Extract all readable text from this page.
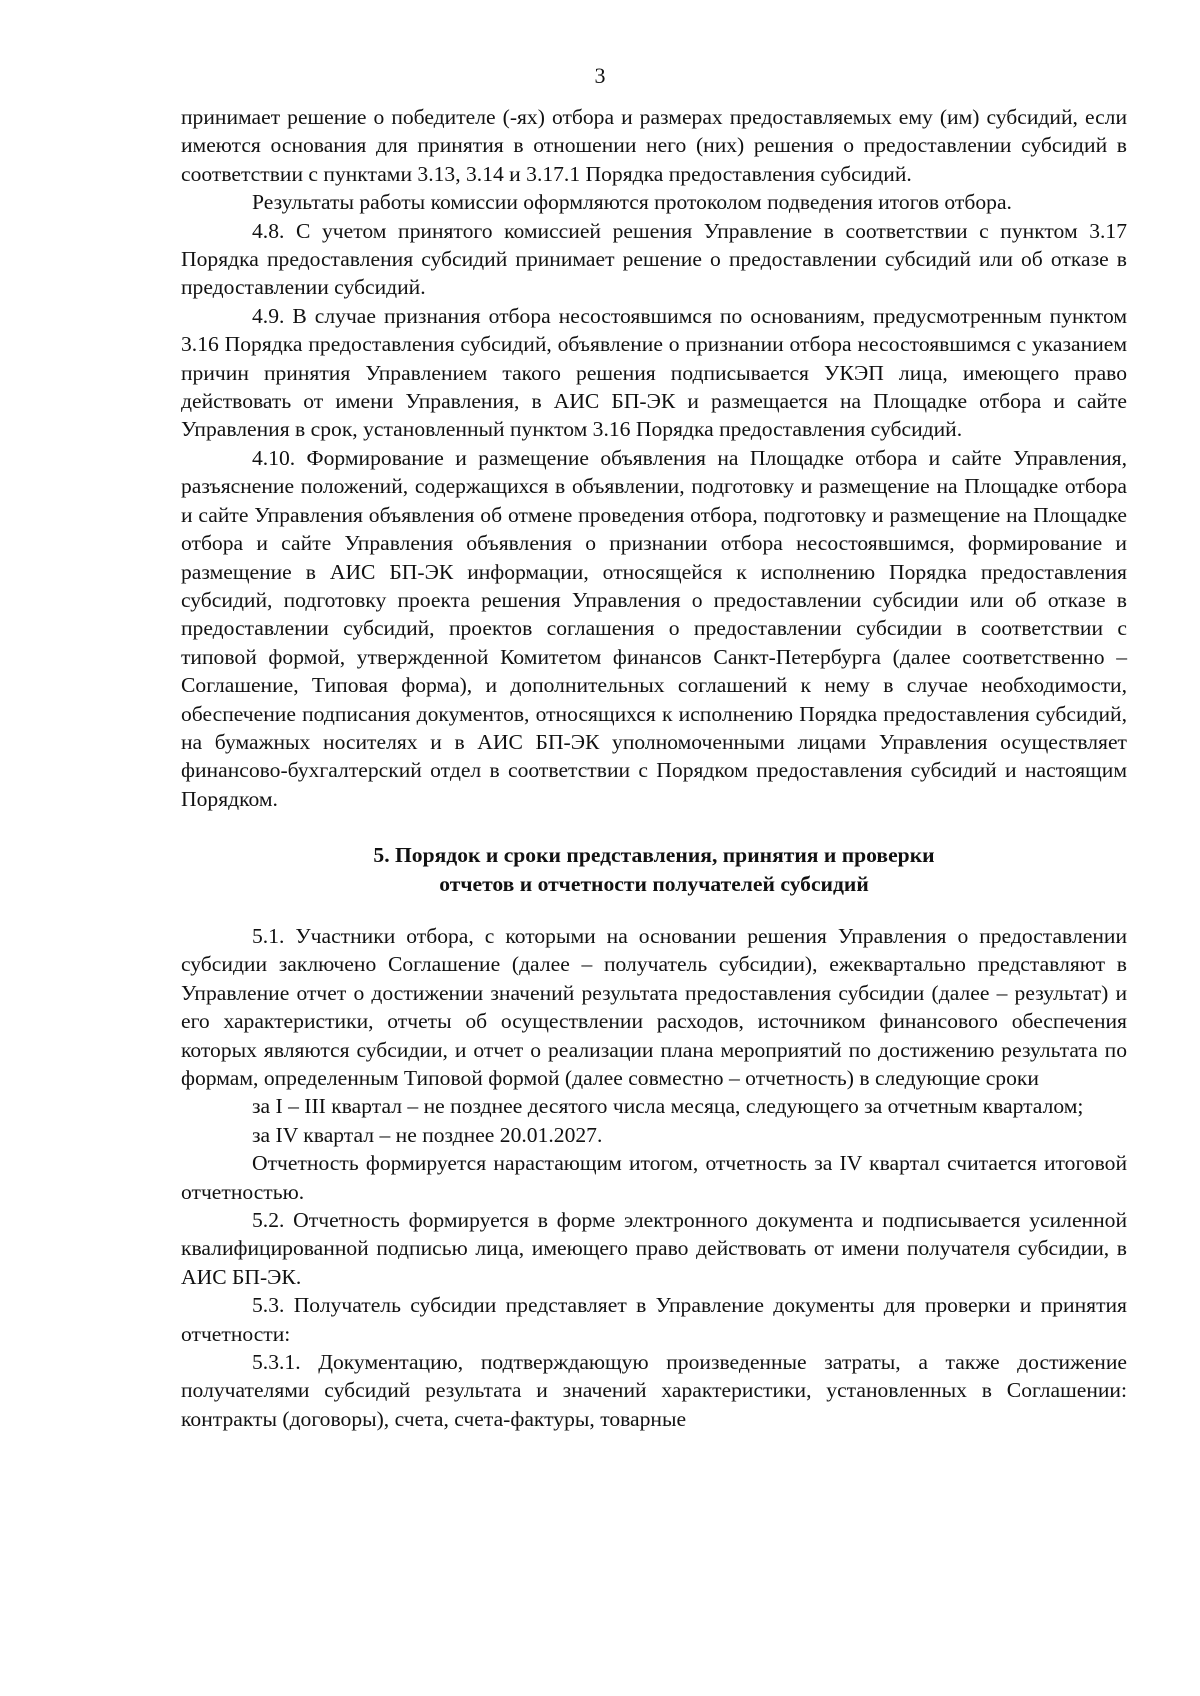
3

принимает решение о победителе (-ях) отбора и размерах предоставляемых ему (им) субсидий, если имеются основания для принятия в отношении него (них) решения о предоставлении субсидий в соответствии с пунктами 3.13, 3.14 и 3.17.1 Порядка предоставления субсидий.

Результаты работы комиссии оформляются протоколом подведения итогов отбора.

4.8. С учетом принятого комиссией решения Управление в соответствии с пунктом 3.17 Порядка предоставления субсидий принимает решение о предоставлении субсидий или об отказе в предоставлении субсидий.

4.9. В случае признания отбора несостоявшимся по основаниям, предусмотренным пунктом 3.16 Порядка предоставления субсидий, объявление о признании отбора несостоявшимся с указанием причин принятия Управлением такого решения подписывается УКЭП лица, имеющего право действовать от имени Управления, в АИС БП-ЭК и размещается на Площадке отбора и сайте Управления в срок, установленный пунктом 3.16 Порядка предоставления субсидий.

4.10. Формирование и размещение объявления на Площадке отбора и сайте Управления, разъяснение положений, содержащихся в объявлении, подготовку и размещение на Площадке отбора и сайте Управления объявления об отмене проведения отбора, подготовку и размещение на Площадке отбора и сайте Управления объявления о признании отбора несостоявшимся, формирование и размещение в АИС БП-ЭК информации, относящейся к исполнению Порядка предоставления субсидий, подготовку проекта решения Управления о предоставлении субсидии или об отказе в предоставлении субсидий, проектов соглашения о предоставлении субсидии в соответствии с типовой формой, утвержденной Комитетом финансов Санкт-Петербурга (далее соответственно – Соглашение, Типовая форма), и дополнительных соглашений к нему в случае необходимости, обеспечение подписания документов, относящихся к исполнению Порядка предоставления субсидий, на бумажных носителях и в АИС БП-ЭК уполномоченными лицами Управления осуществляет финансово-бухгалтерский отдел в соответствии с Порядком предоставления субсидий и настоящим Порядком.

5. Порядок и сроки представления, принятия и проверки
отчетов и отчетности получателей субсидий

5.1. Участники отбора, с которыми на основании решения Управления о предоставлении субсидии заключено Соглашение (далее – получатель субсидии), ежеквартально представляют в Управление отчет о достижении значений результата предоставления субсидии (далее – результат) и его характеристики, отчеты об осуществлении расходов, источником финансового обеспечения которых являются субсидии, и отчет о реализации плана мероприятий по достижению результата по формам, определенным Типовой формой (далее совместно – отчетность) в следующие сроки

за I – III квартал – не позднее десятого числа месяца, следующего за отчетным кварталом;

за IV квартал – не позднее 20.01.2027.

Отчетность формируется нарастающим итогом, отчетность за IV квартал считается итоговой отчетностью.

5.2. Отчетность формируется в форме электронного документа и подписывается усиленной квалифицированной подписью лица, имеющего право действовать от имени получателя субсидии, в АИС БП-ЭК.

5.3. Получатель субсидии представляет в Управление документы для проверки и принятия отчетности:

5.3.1. Документацию, подтверждающую произведенные затраты, а также достижение получателями субсидий результата и значений характеристики, установленных в Соглашении: контракты (договоры), счета, счета-фактуры, товарные
